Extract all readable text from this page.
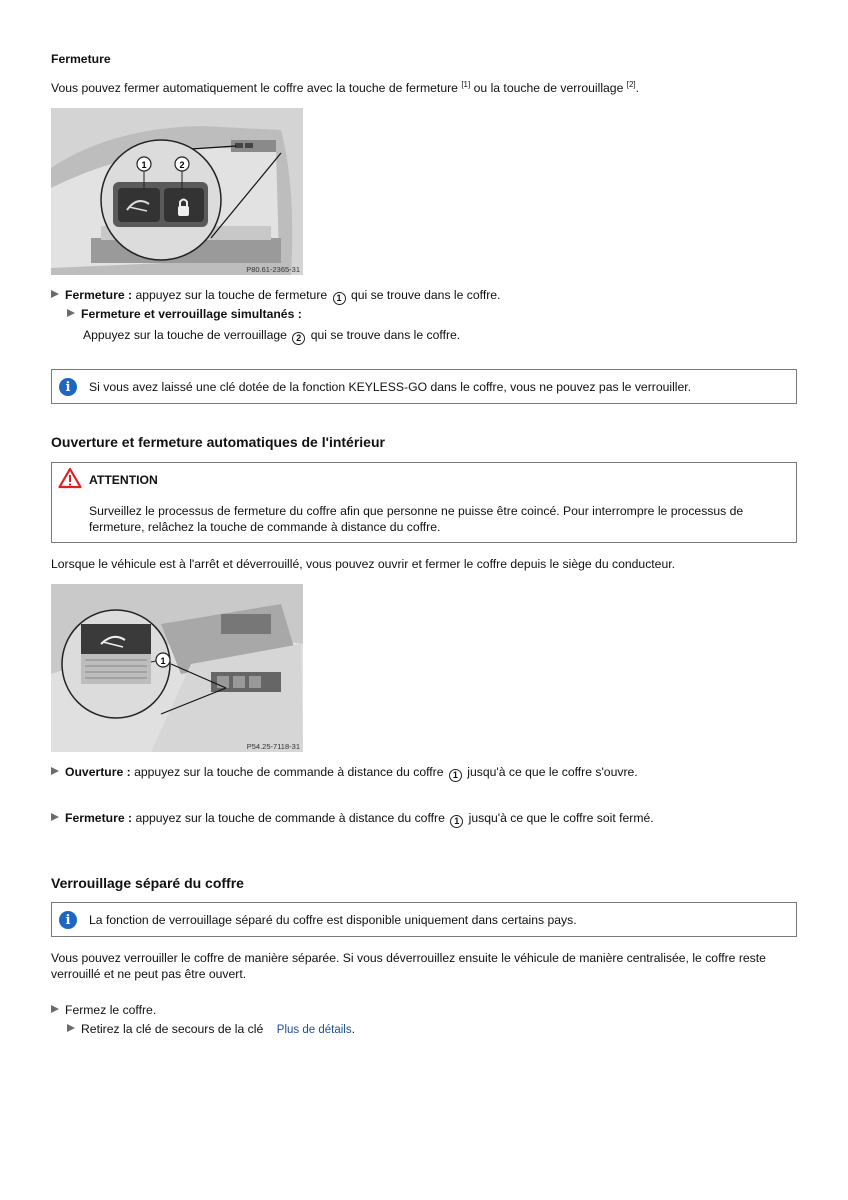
Fermeture
Vous pouvez fermer automatiquement le coffre avec la touche de fermeture [1] ou la touche de verrouillage [2].
1	2
P80.61-2365-31
Fermeture : appuyez sur la touche de fermeture 1 qui se trouve dans le coffre.
Fermeture et verrouillage simultanés :
Appuyez sur la touche de verrouillage 2 qui se trouve dans le coffre.
i	Si vous avez laissé une clé dotée de la fonction KEYLESS-GO dans le coffre, vous ne pouvez pas le verrouiller.
Ouverture et fermeture automatiques de l'intérieur
ATTENTION
Surveillez le processus de fermeture du coffre afin que personne ne puisse être coincé. Pour interrompre le processus de fermeture, relâchez la touche de commande à distance du coffre.
Lorsque le véhicule est à l'arrêt et déverrouillé, vous pouvez ouvrir et fermer le coffre depuis le siège du conducteur.
1
P54.25-7118-31
Ouverture : appuyez sur la touche de commande à distance du coffre 1 jusqu'à ce que le coffre s'ouvre.
Fermeture : appuyez sur la touche de commande à distance du coffre 1 jusqu'à ce que le coffre soit fermé.
Verrouillage séparé du coffre
i	La fonction de verrouillage séparé du coffre est disponible uniquement dans certains pays.
Vous pouvez verrouiller le coffre de manière séparée. Si vous déverrouillez ensuite le véhicule de manière centralisée, le coffre reste verrouillé et ne peut pas être ouvert.
Fermez le coffre.
Retirez la clé de secours de la clé Plus de détails.
